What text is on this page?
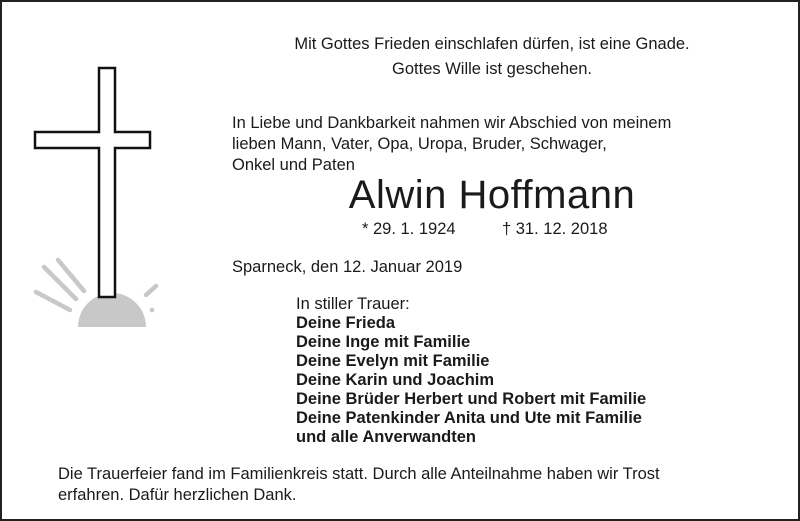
Mit Gottes Frieden einschlafen dürfen, ist eine Gnade.
Gottes Wille ist geschehen.
In Liebe und Dankbarkeit nahmen wir Abschied von meinem
lieben Mann, Vater, Opa, Uropa, Bruder, Schwager,
Onkel und Paten
Alwin Hoffmann
* 29. 1. 1924	† 31. 12. 2018
Sparneck, den 12. Januar 2019
In stiller Trauer:
Deine Frieda
Deine Inge mit Familie
Deine Evelyn mit Familie
Deine Karin und Joachim
Deine Brüder Herbert und Robert mit Familie
Deine Patenkinder Anita und Ute mit Familie
und alle Anverwandten
Die Trauerfeier fand im Familienkreis statt. Durch alle Anteilnahme haben wir Trost
erfahren. Dafür herzlichen Dank.
